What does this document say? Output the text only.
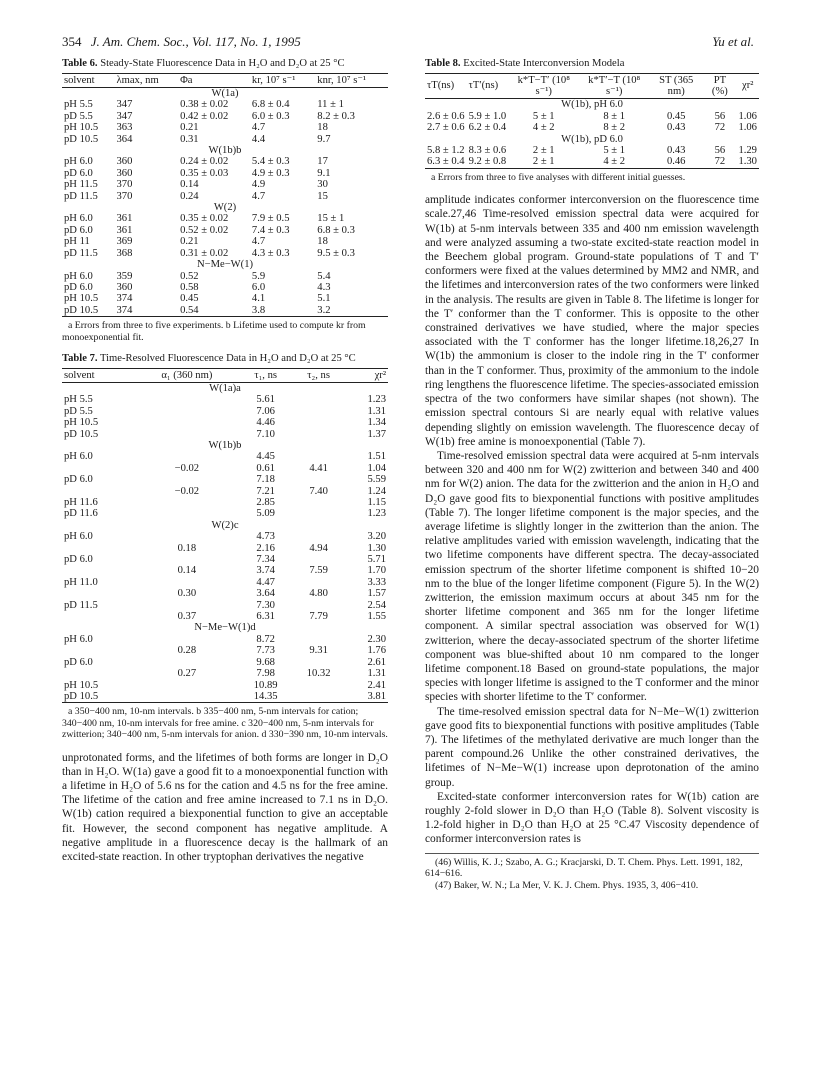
354 J. Am. Chem. Soc., Vol. 117, No. 1, 1995	Yu et al.
Table 6. Steady-State Fluorescence Data in H₂O and D₂O at 25 °C
solvent	λmax, nm	Φa	kr, 10⁷ s⁻¹	knr, 10⁷ s⁻¹
W(1a)				
pH 5.5	347	0.38 ± 0.02	6.8 ± 0.4	11 ± 1
pD 5.5	347	0.42 ± 0.02	6.0 ± 0.3	8.2 ± 0.3
pH 10.5	363	0.21	4.7	18
pD 10.5	364	0.31	4.4	9.7
W(1b)b				
pH 6.0	360	0.24 ± 0.02	5.4 ± 0.3	17
pD 6.0	360	0.35 ± 0.03	4.9 ± 0.3	9.1
pH 11.5	370	0.14	4.9	30
pD 11.5	370	0.24	4.7	15
W(2)				
pH 6.0	361	0.35 ± 0.02	7.9 ± 0.5	15 ± 1
pD 6.0	361	0.52 ± 0.02	7.4 ± 0.3	6.8 ± 0.3
pH 11	369	0.21	4.7	18
pD 11.5	368	0.31 ± 0.02	4.3 ± 0.3	9.5 ± 0.3
N−Me−W(1)				
pH 6.0	359	0.52	5.9	5.4
pD 6.0	360	0.58	6.0	4.3
pH 10.5	374	0.45	4.1	5.1
pD 10.5	374	0.54	3.8	3.2
a Errors from three to five experiments. b Lifetime used to compute kr from monoexponential fit.
Table 7. Time-Resolved Fluorescence Data in H₂O and D₂O at 25 °C
solvent	α₁ (360 nm)	τ₁, ns	τ₂, ns	χr²
W(1a)a				
pH 5.5		5.61		1.23
pD 5.5		7.06		1.31
pH 10.5		4.46		1.34
pD 10.5		7.10		1.37
W(1b)b				
pH 6.0		4.45		1.51
	−0.02	0.61	4.41	1.04
pD 6.0		7.18		5.59
	−0.02	7.21	7.40	1.24
pH 11.6		2.85		1.15
pD 11.6		5.09		1.23
W(2)c				
pH 6.0		4.73		3.20
	0.18	2.16	4.94	1.30
pD 6.0		7.34		5.71
	0.14	3.74	7.59	1.70
pH 11.0		4.47		3.33
	0.30	3.64	4.80	1.57
pD 11.5		7.30		2.54
	0.37	6.31	7.79	1.55
N−Me−W(1)d				
pH 6.0		8.72		2.30
	0.28	7.73	9.31	1.76
pD 6.0		9.68		2.61
	0.27	7.98	10.32	1.31
pH 10.5		10.89		2.41
pD 10.5		14.35		3.81
a 350−400 nm, 10-nm intervals. b 335−400 nm, 5-nm intervals for cation; 340−400 nm, 10-nm intervals for free amine. c 320−400 nm, 5-nm intervals for zwitterion; 340−400 nm, 5-nm intervals for anion. d 330−390 nm, 10-nm intervals.

unprotonated forms, and the lifetimes of both forms are longer in D₂O than in H₂O. W(1a) gave a good fit to a monoexponential function with a lifetime in H₂O of 5.6 ns for the cation and 4.5 ns for the free amine. The lifetime of the cation and free amine increased to 7.1 ns in D₂O. W(1b) cation required a biexponential function to give an acceptable fit. However, the second component has negative amplitude. A negative amplitude in a fluorescence decay is the hallmark of an excited-state reaction. In other tryptophan derivatives the negative

Table 8. Excited-State Interconversion Modela
τT(ns)	τT′(ns)	k*T−T′ (10⁸ s⁻¹)	k*T′−T (10⁸ s⁻¹)	ST (365 nm)	PT (%)	χr²
W(1b), pH 6.0						
2.6 ± 0.6	5.9 ± 1.0	5 ± 1	8 ± 1	0.45	56	1.06
2.7 ± 0.6	6.2 ± 0.4	4 ± 2	8 ± 2	0.43	72	1.06
W(1b), pD 6.0						
5.8 ± 1.2	8.3 ± 0.6	2 ± 1	5 ± 1	0.43	56	1.29
6.3 ± 0.4	9.2 ± 0.8	2 ± 1	4 ± 2	0.46	72	1.30
a Errors from three to five analyses with different initial guesses.

amplitude indicates conformer interconversion on the fluorescence time scale.27,46 Time-resolved emission spectral data were acquired for W(1b) at 5-nm intervals between 335 and 400 nm emission wavelength and were analyzed assuming a two-state excited-state reaction model in the Beechem global program. Ground-state populations of T and T′ conformers were fixed at the values determined by MM2 and NMR, and the lifetimes and interconversion rates of the two conformers were linked in the analysis. The results are given in Table 8. The lifetime is longer for the T′ conformer than the T conformer. This is opposite to the other constrained derivatives we have studied, where the major species associated with the T conformer has the longer lifetime.18,26,27 In W(1b) the ammonium is closer to the indole ring in the T′ conformer than in the T conformer. Thus, proximity of the ammonium to the indole ring lengthens the fluorescence lifetime. The species-associated emission spectra of the two conformers have similar shapes (not shown). The emission spectral contours Si are nearly equal with relative values depending slightly on emission wavelength. The fluorescence decay of W(1b) free amine is monoexponential (Table 7).

Time-resolved emission spectral data were acquired at 5-nm intervals between 320 and 400 nm for W(2) zwitterion and between 340 and 400 nm for W(2) anion. The data for the zwitterion and the anion in H₂O and D₂O gave good fits to biexponential functions with positive amplitudes (Table 7). The longer lifetime component is the major species, and the average lifetime is slightly longer in the zwitterion than the anion. The relative amplitudes varied with emission wavelength, indicating that the two lifetime components have different spectra. The decay-associated emission spectrum of the shorter lifetime component is shifted 10−20 nm to the blue of the longer lifetime component (Figure 5). In the W(2) zwitterion, the emission maximum occurs at about 345 nm for the shorter lifetime component and 365 nm for the longer lifetime component. A similar spectral association was observed for W(1) zwitterion, where the decay-associated spectrum of the shorter lifetime component was blue-shifted about 10 nm compared to the longer lifetime component.18 Based on ground-state populations, the major species with longer lifetime is assigned to the T conformer and the minor species with shorter lifetime to the T′ conformer.

The time-resolved emission spectral data for N−Me−W(1) zwitterion gave good fits to biexponential functions with positive amplitudes (Table 7). The lifetimes of the methylated derivative are much longer than the parent compound.26 Unlike the other constrained derivatives, the lifetimes of N−Me−W(1) increase upon deprotonation of the amino group.

Excited-state conformer interconversion rates for W(1b) cation are roughly 2-fold slower in D₂O than H₂O (Table 8). Solvent viscosity is 1.2-fold higher in D₂O than H₂O at 25 °C.47 Viscosity dependence of conformer interconversion rates is

(46) Willis, K. J.; Szabo, A. G.; Kracjarski, D. T. Chem. Phys. Lett. 1991, 182, 614−616.
(47) Baker, W. N.; La Mer, V. K. J. Chem. Phys. 1935, 3, 406−410.
